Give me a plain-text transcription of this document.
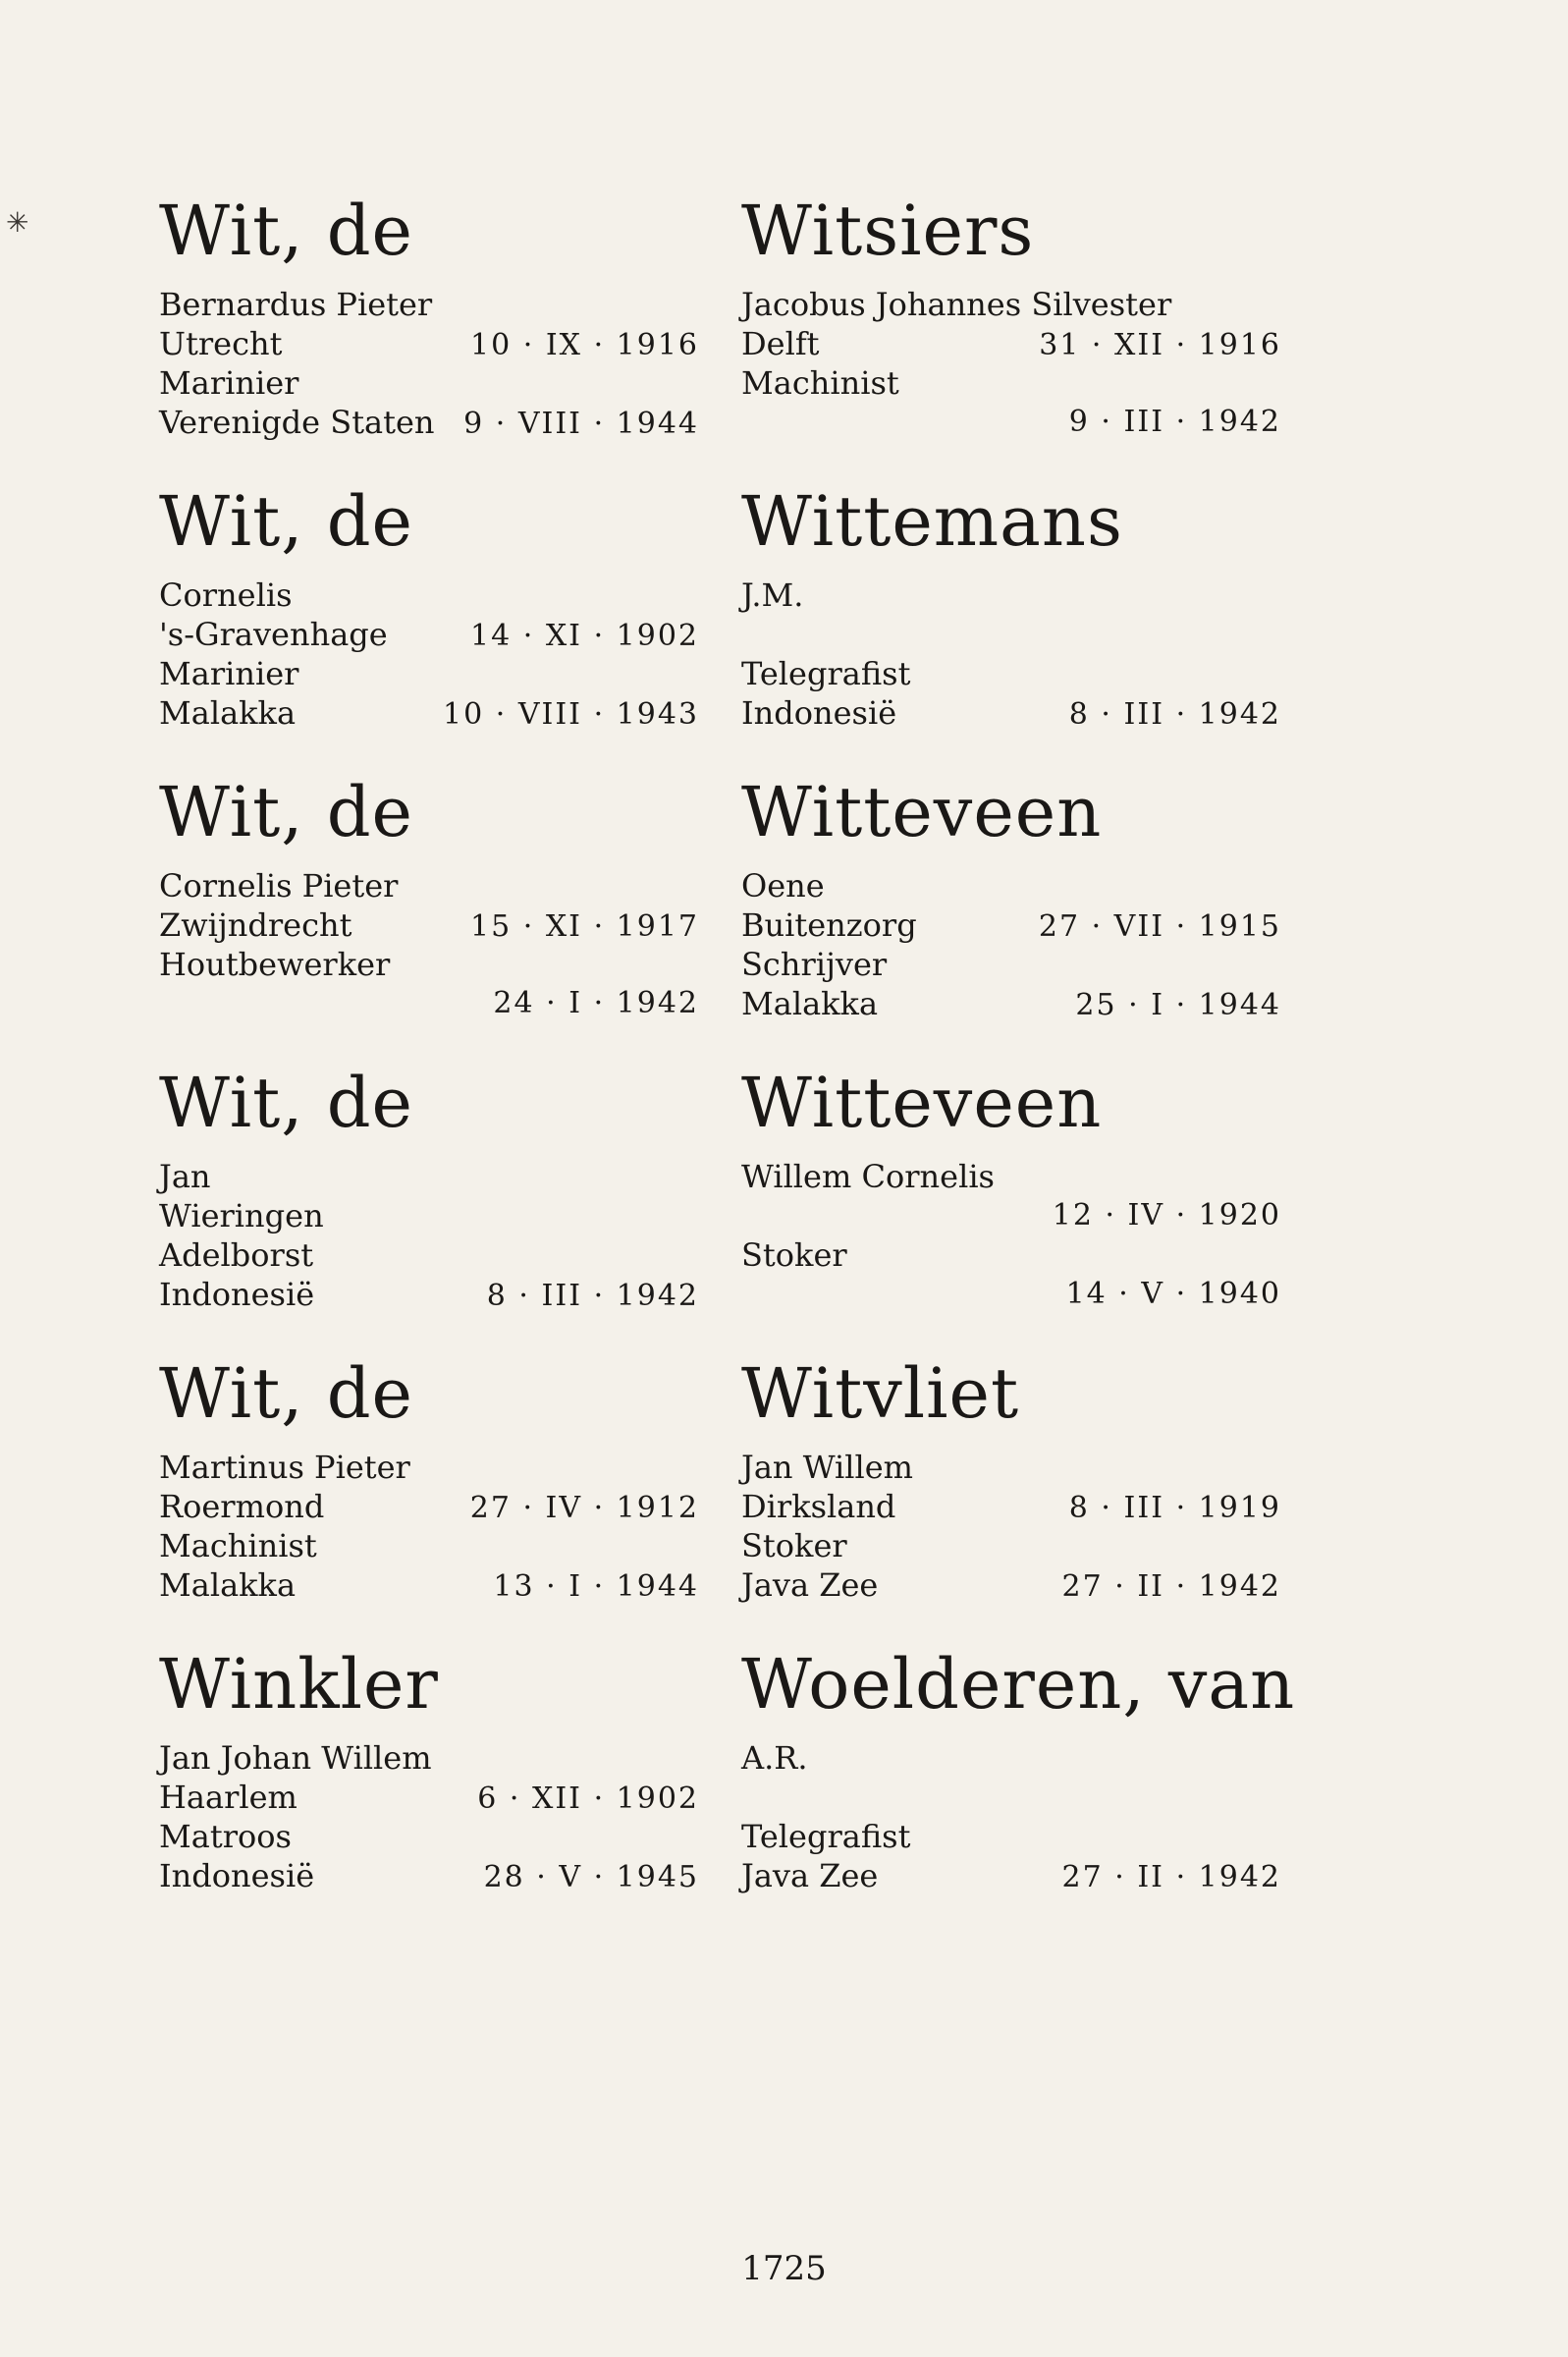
✳ Wit, de
Bernardus Pieter
Utrecht	10 · IX · 1916
Marinier
Verenigde Staten 9 · VIII · 1944
Wit, de
Cornelis
's-Gravenhage	14 · XI · 1902
Marinier
Malakka	10 · VIII · 1943
Wit, de
Cornelis Pieter
Zwijndrecht	15 · XI · 1917
Houtbewerker
24 · I · 1942
Wit, de
Jan
Wieringen
Adelborst
Indonesië	8 · III · 1942
Wit, de
Martinus Pieter
Roermond	27 · IV · 1912
Machinist
Malakka	13 · I · 1944
Winkler
Jan Johan Willem
Haarlem	6 · XII · 1902
Matroos
Indonesië	28 · V · 1945
Witsiers
Jacobus Johannes Silvester
Delft	31 · XII · 1916
Machinist
9 · III · 1942
Wittemans
J.M.
Telegrafist
Indonesië	8 · III · 1942
Witteveen
Oene
Buitenzorg	27 · VII · 1915
Schrijver
Malakka	25 · I · 1944
Witteveen
Willem Cornelis
12 · IV · 1920
Stoker
14 · V · 1940
Witvliet
Jan Willem
Dirksland	8 · III · 1919
Stoker
Java Zee	27 · II · 1942
Woelderen, van
A.R.
Telegrafist
Java Zee	27 · II · 1942
1725
